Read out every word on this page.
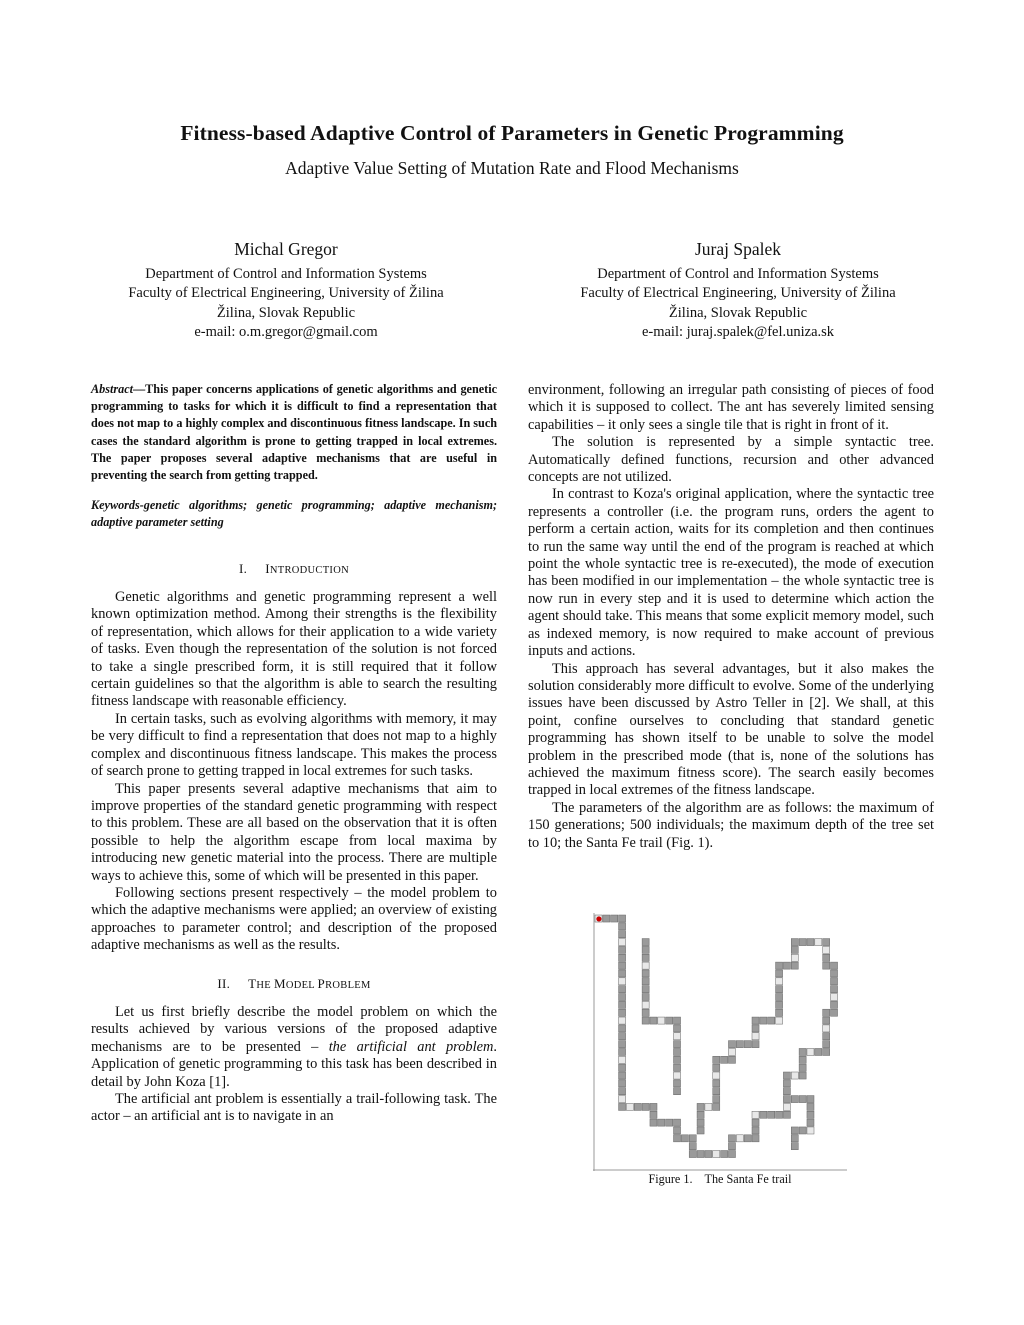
Fitness-based Adaptive Control of Parameters in Genetic Programming
Adaptive Value Setting of Mutation Rate and Flood Mechanisms
Michal Gregor
Department of Control and Information Systems
Faculty of Electrical Engineering, University of Žilina
Žilina, Slovak Republic
e-mail: o.m.gregor@gmail.com
Juraj Spalek
Department of Control and Information Systems
Faculty of Electrical Engineering, University of Žilina
Žilina, Slovak Republic
e-mail: juraj.spalek@fel.uniza.sk

Abstract—This paper concerns applications of genetic algorithms and genetic programming to tasks for which it is difficult to find a representation that does not map to a highly complex and discontinuous fitness landscape. In such cases the standard algorithm is prone to getting trapped in local extremes. The paper proposes several adaptive mechanisms that are useful in preventing the search from getting trapped.

Keywords-genetic algorithms; genetic programming; adaptive mechanism; adaptive parameter setting

I. INTRODUCTION

Genetic algorithms and genetic programming represent a well known optimization method. Among their strengths is the flexibility of representation, which allows for their application to a wide variety of tasks. Even though the representation of the solution is not forced to take a single prescribed form, it is still required that it follow certain guidelines so that the algorithm is able to search the resulting fitness landscape with reasonable efficiency.

In certain tasks, such as evolving algorithms with memory, it may be very difficult to find a representation that does not map to a highly complex and discontinuous fitness landscape. This makes the process of search prone to getting trapped in local extremes for such tasks.

This paper presents several adaptive mechanisms that aim to improve properties of the standard genetic programming with respect to this problem. These are all based on the observation that it is often possible to help the algorithm escape from local maxima by introducing new genetic material into the process. There are multiple ways to achieve this, some of which will be presented in this paper.

Following sections present respectively – the model problem to which the adaptive mechanisms were applied; an overview of existing approaches to parameter control; and description of the proposed adaptive mechanisms as well as the results.

II. THE MODEL PROBLEM

Let us first briefly describe the model problem on which the results achieved by various versions of the proposed adaptive mechanisms are to be presented – the artificial ant problem. Application of genetic programming to this task has been described in detail by John Koza [1].

The artificial ant problem is essentially a trail-following task. The actor – an artificial ant is to navigate in an

environment, following an irregular path consisting of pieces of food which it is supposed to collect. The ant has severely limited sensing capabilities – it only sees a single tile that is right in front of it.

The solution is represented by a simple syntactic tree. Automatically defined functions, recursion and other advanced concepts are not utilized.

In contrast to Koza's original application, where the syntactic tree represents a controller (i.e. the program runs, orders the agent to perform a certain action, waits for its completion and then continues to run the same way until the end of the program is reached at which point the whole syntactic tree is re-executed), the mode of execution has been modified in our implementation – the whole syntactic tree is now run in every step and it is used to determine which action the agent should take. This means that some explicit memory model, such as indexed memory, is now required to make account of previous inputs and actions.

This approach has several advantages, but it also makes the solution considerably more difficult to evolve. Some of the underlying issues have been discussed by Astro Teller in [2]. We shall, at this point, confine ourselves to concluding that standard genetic programming has shown itself to be unable to solve the model problem in the prescribed mode (that is, none of the solutions has achieved the maximum fitness score). The search easily becomes trapped in local extremes of the fitness landscape.

The parameters of the algorithm are as follows: the maximum of 150 generations; 500 individuals; the maximum depth of the tree set to 10; the Santa Fe trail (Fig. 1).

Figure 1. The Santa Fe trail
